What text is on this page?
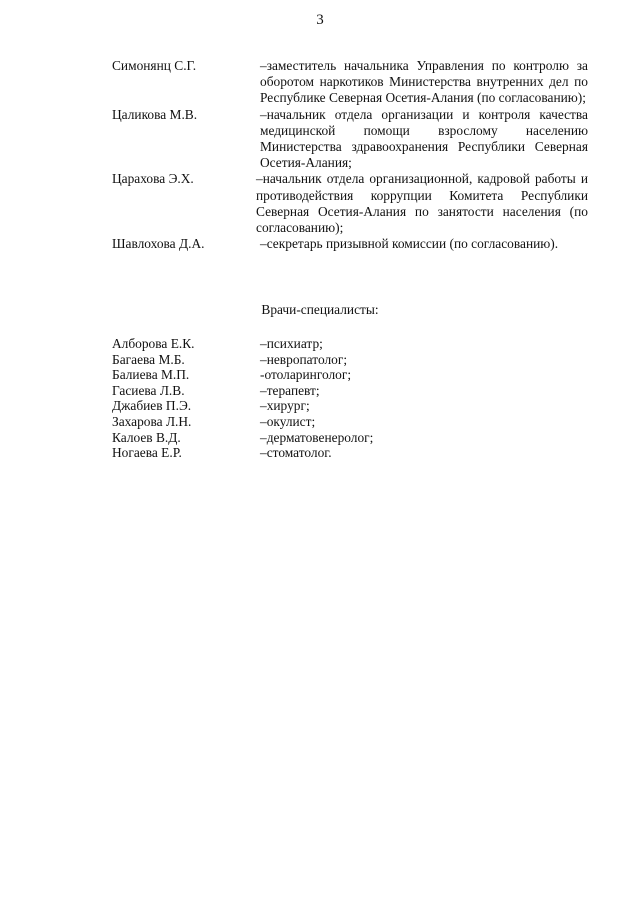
3
Симонянц С.Г.	–заместитель начальника Управления по контролю за оборотом наркотиков Министерства внутренних дел по Республике Северная Осетия-Алания (по согласованию);
Цаликова М.В.	–начальник отдела организации и контроля качества медицинской помощи взрослому населению Министерства здравоохранения Республики Северная Осетия-Алания;
Царахова Э.Х.	–начальник отдела организационной, кадровой работы и противодействия коррупции Комитета Республики Северная Осетия-Алания по занятости населения (по согласованию);
Шавлохова Д.А.	–секретарь призывной комиссии (по согласованию).
Врачи-специалисты:
Алборова Е.К.	–психиатр;
Багаева М.Б.	–невропатолог;
Балиева М.П.	-отоларинголог;
Гасиева Л.В.	–терапевт;
Джабиев П.Э.	–хирург;
Захарова Л.Н.	–окулист;
Калоев В.Д.	–дерматовенеролог;
Ногаева Е.Р.	–стоматолог.
